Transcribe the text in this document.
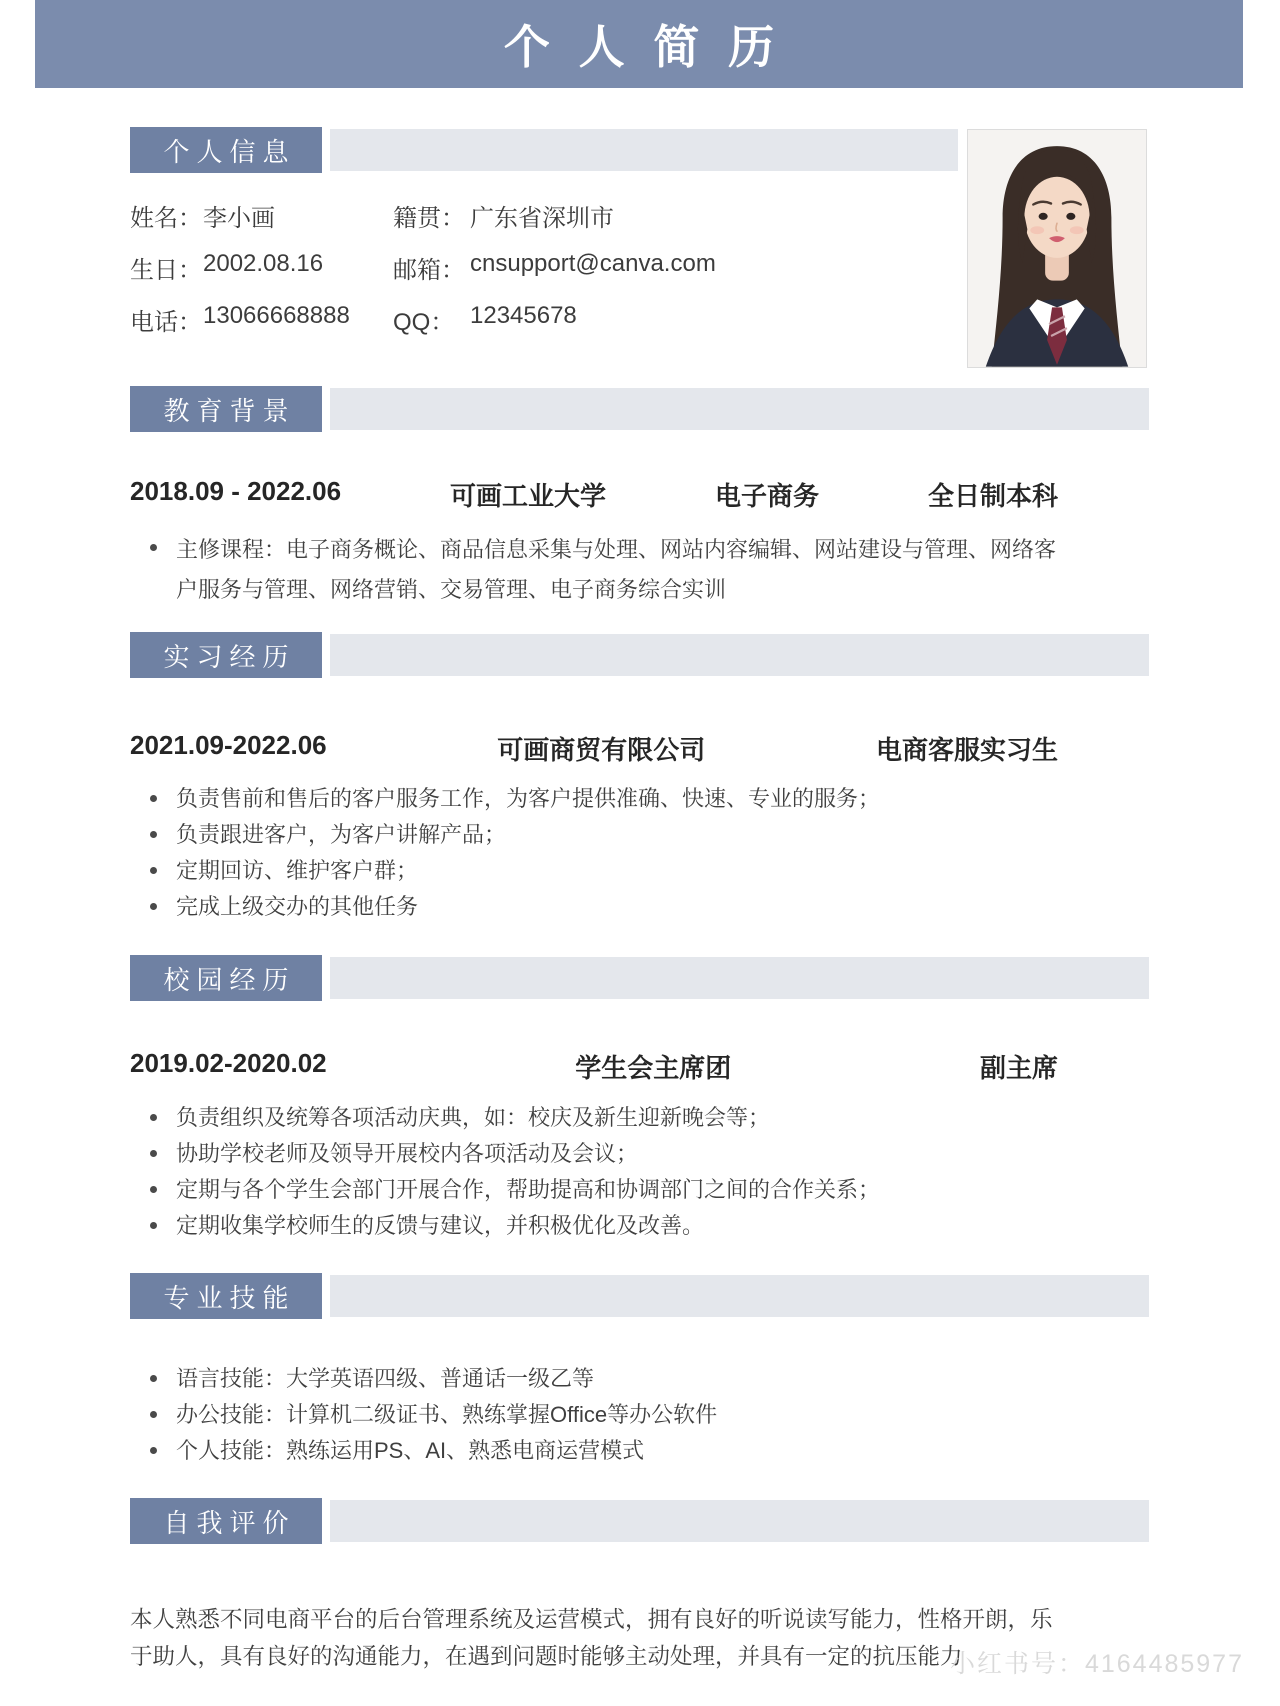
个 人 简 历
个人信息
姓名： 李小画	籍贯： 广东省深圳市
生日： 2002.08.16	邮箱： cnsupport@canva.com
电话： 13066668888 QQ： 12345678
教育背景
2018.09 - 2022.06	可画工业大学	电子商务	全日制本科
主修课程：电子商务概论、商品信息采集与处理、网站内容编辑、网站建设与管理、网络客户服务与管理、网络营销、交易管理、电子商务综合实训
实习经历
2021.09-2022.06	可画商贸有限公司	电商客服实习生
负责售前和售后的客户服务工作，为客户提供准确、快速、专业的服务；
负责跟进客户，为客户讲解产品；
定期回访、维护客户群；
完成上级交办的其他任务
校园经历
2019.02-2020.02	学生会主席团	副主席
负责组织及统筹各项活动庆典，如：校庆及新生迎新晚会等；
协助学校老师及领导开展校内各项活动及会议；
定期与各个学生会部门开展合作，帮助提高和协调部门之间的合作关系；
定期收集学校师生的反馈与建议，并积极优化及改善。
专业技能
语言技能：大学英语四级、普通话一级乙等
办公技能：计算机二级证书、熟练掌握Office等办公软件
个人技能：熟练运用PS、AI、熟悉电商运营模式
自我评价

本人熟悉不同电商平台的后台管理系统及运营模式，拥有良好的听说读写能力，性格开朗，乐于助人，具有良好的沟通能力，在遇到问题时能够主动处理，并具有一定的抗压能力

小红书号：4164485977
